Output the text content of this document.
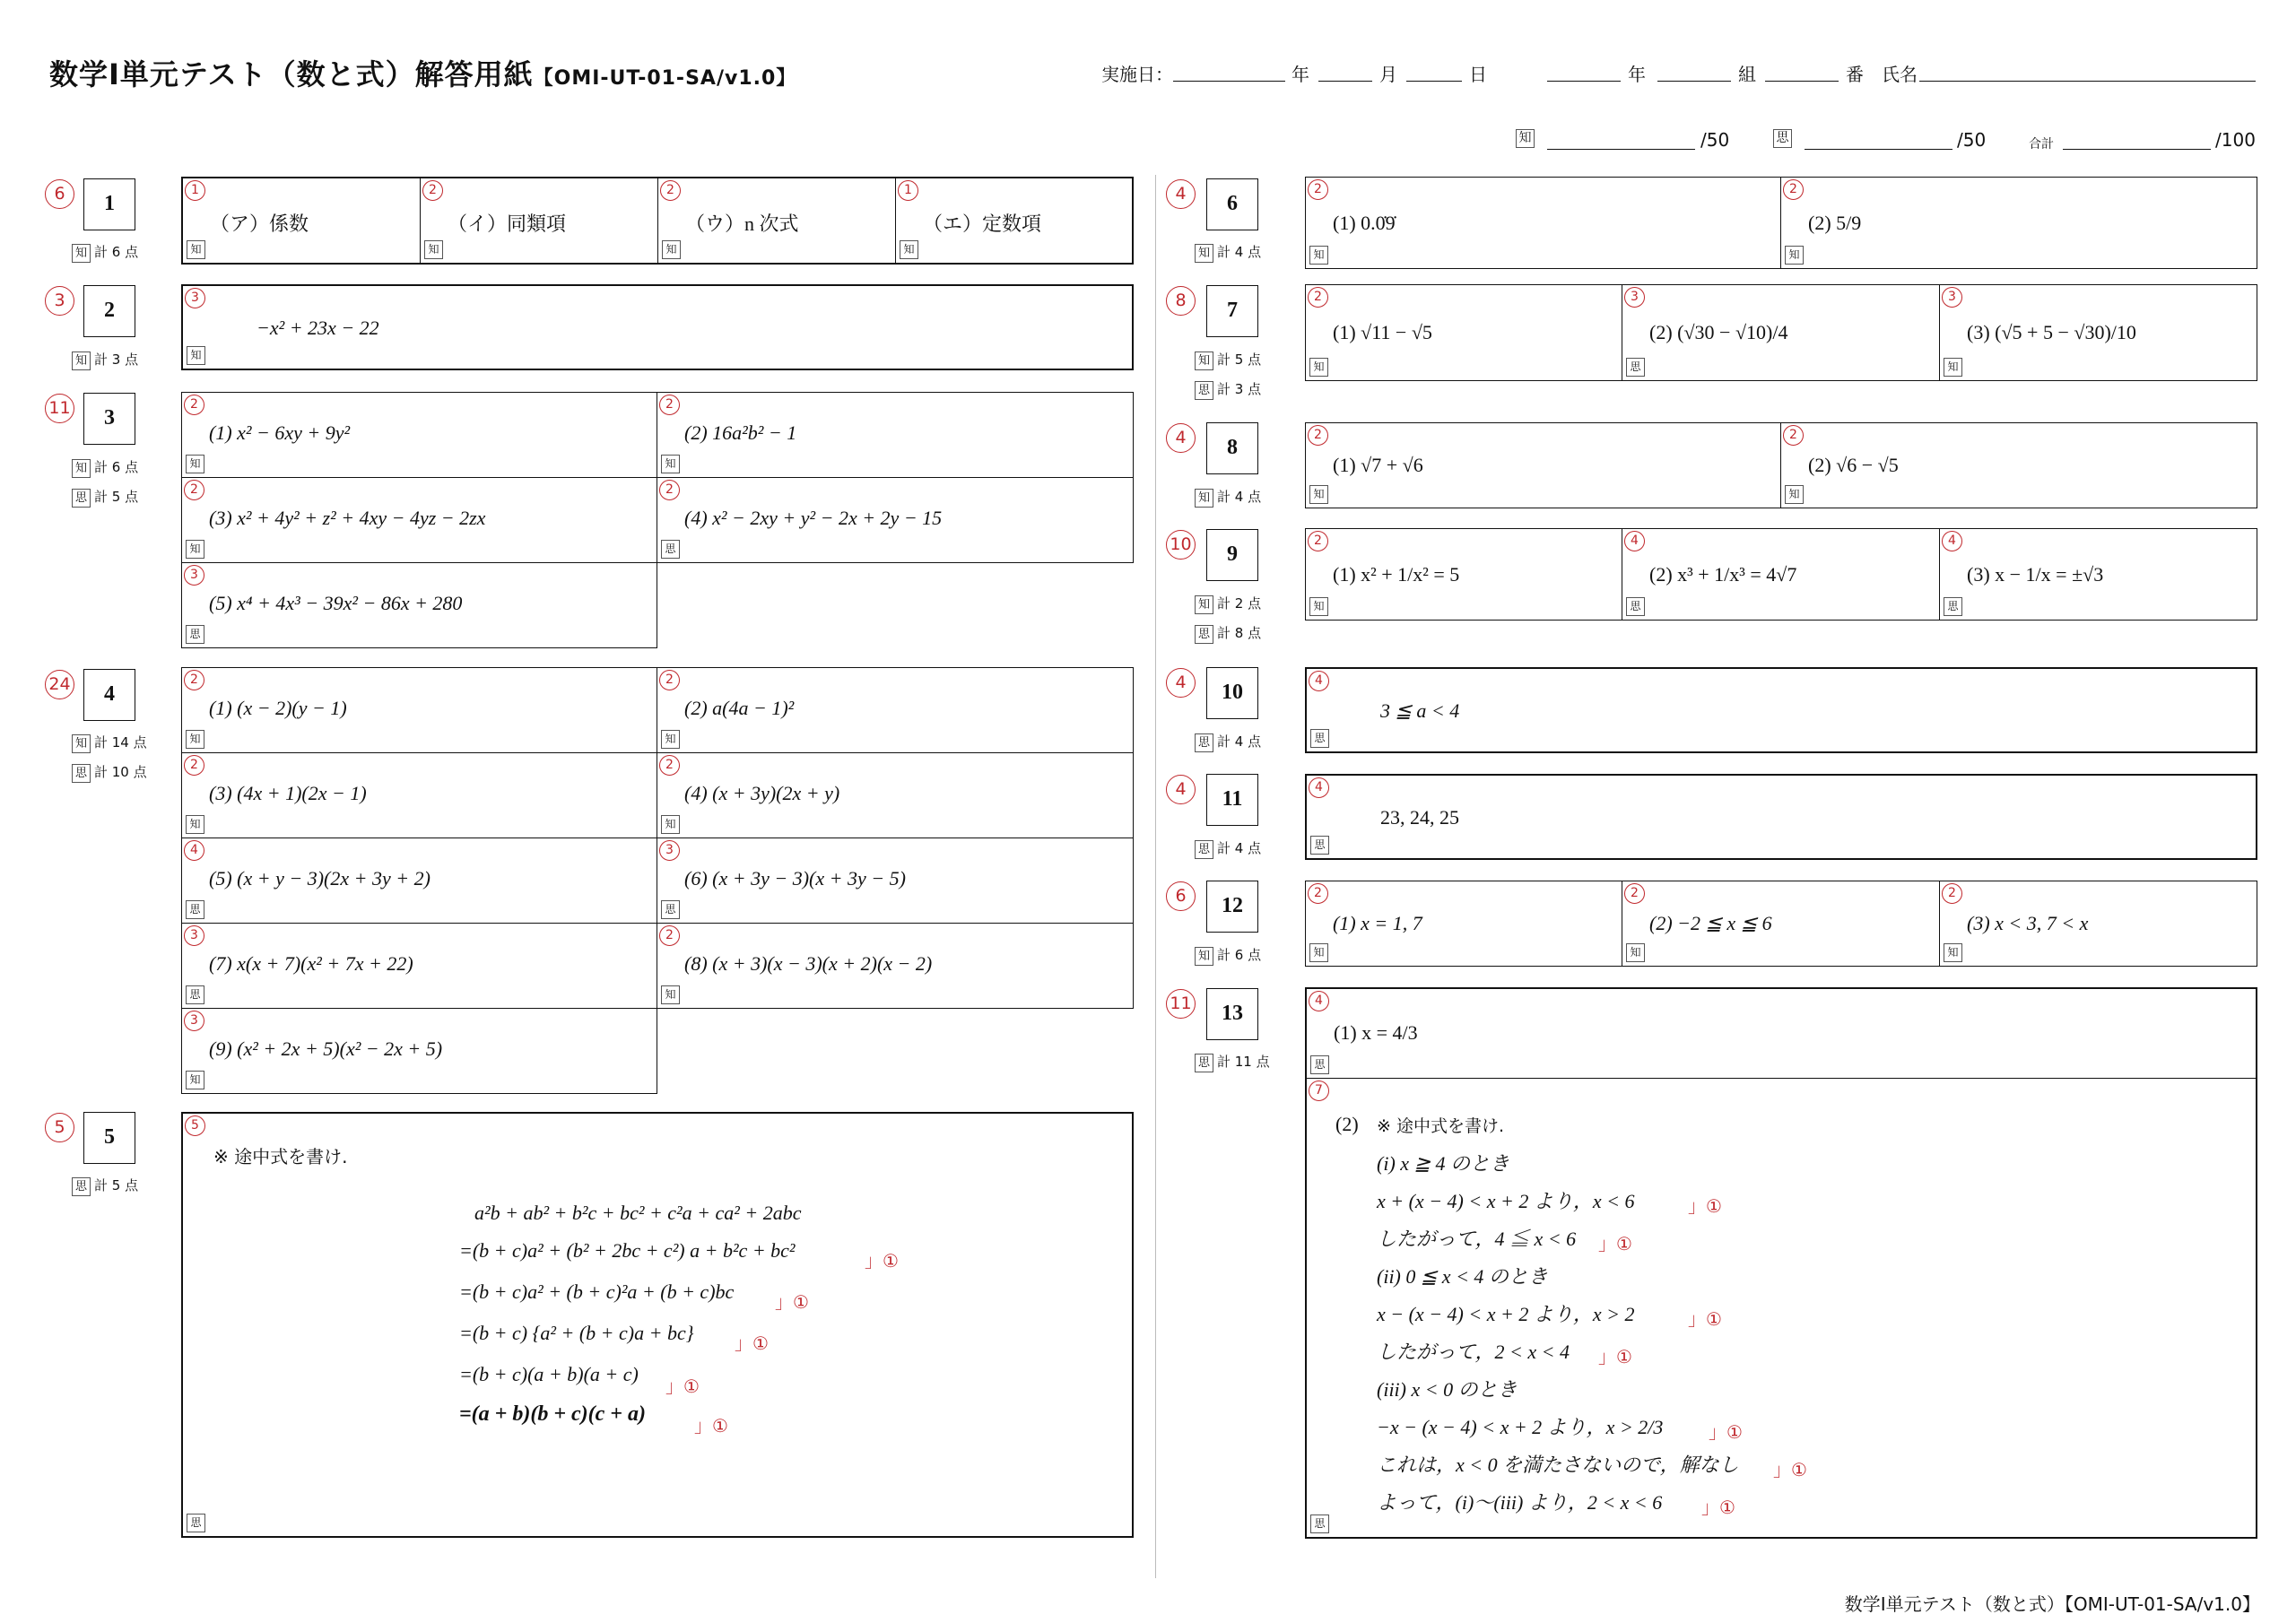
数学Ⅰ単元テスト（数と式）解答用紙【OMI-UT-01-SA/v1.0】	実施日：	年	月	日	年	組	番 氏名
知	/50	思	/50	合計	/100
6	1
知 計 6 点
1
（ア）係数
知
2
（イ）同類項
知
2
（ウ）n 次式
知
1
（エ）定数項
知
3	2
知 計 3 点
3
−x² + 23x − 22
知
11	3
知 計 6 点
思 計 5 点
2
(1) x² − 6xy + 9y²
知
2
(2) 16a²b² − 1
知
2
(3) x² + 4y² + z² + 4xy − 4yz − 2zx
知
2
(4) x² − 2xy + y² − 2x + 2y − 15
思
3
(5) x⁴ + 4x³ − 39x² − 86x + 280
思
24	4
知 計 14 点
思 計 10 点
2
(1) (x − 2)(y − 1)
知
2
(2) a(4a − 1)²
知
2
(3) (4x + 1)(2x − 1)
知
2
(4) (x + 3y)(2x + y)
知
4
(5) (x + y − 3)(2x + 3y + 2)
思
3
(6) (x + 3y − 3)(x + 3y − 5)
思
3
(7) x(x + 7)(x² + 7x + 22)
思
2
(8) (x + 3)(x − 3)(x + 2)(x − 2)
知
3
(9) (x² + 2x + 5)(x² − 2x + 5)
知
5	5
思 計 5 点
5
※ 途中式を書け.
a²b + ab² + b²c + bc² + c²a + ca² + 2abc
=(b + c)a² + (b² + 2bc + c²) a + b²c + bc²	」①
=(b + c)a² + (b + c)²a + (b + c)bc 」①
=(b + c) {a² + (b + c)a + bc} 」①
=(b + c)(a + b)(a + c)
」①
=(a + b)(b + c)(c + a)	」①
思
4	6
知 計 4 点
2
(1) 0.0̇9̇
知
2
(2) 5/9
知
8	7
知 計 5 点
思 計 3 点
2
(1) √11 − √5
知
3
(2) (√30 − √10)/4
思
3
(3) (√5 + 5 − √30)/10
知
4	8
知 計 4 点
2
(1) √7 + √6
知
2
(2) √6 − √5
知
10	9
知 計 2 点
思 計 8 点
2
(1) x² + 1/x² = 5
知
4
(2) x³ + 1/x³ = 4√7
思
4
(3) x − 1/x = ±√3
思
4	10
思 計 4 点
4
3 ≦ a < 4
思
4	11
思 計 4 点
4
23, 24, 25
思
6	12
知 計 6 点
2
(1) x = 1, 7
知
2
(2) −2 ≦ x ≦ 6
知
2
(3) x < 3, 7 < x
知
11	13
思 計 11 点
4
(1) x = 4/3
思
7
(2) ※ 途中式を書け.
(i) x ≧ 4 のとき
x + (x − 4) < x + 2 より，x < 6	」①
したがって，4 ≦ x < 6 」①
(ii) 0 ≦ x < 4 のとき
x − (x − 4) < x + 2 より，x > 2	」①
したがって，2 < x < 4 」①
(iii) x < 0 のとき
−x − (x − 4) < x + 2 より，x > 2/3	」①
これは，x < 0 を満たさないので，解なし 」①
よって，(i)〜(iii) より，2 < x < 6 」①
思
数学Ⅰ単元テスト（数と式）【OMI-UT-01-SA/v1.0】
